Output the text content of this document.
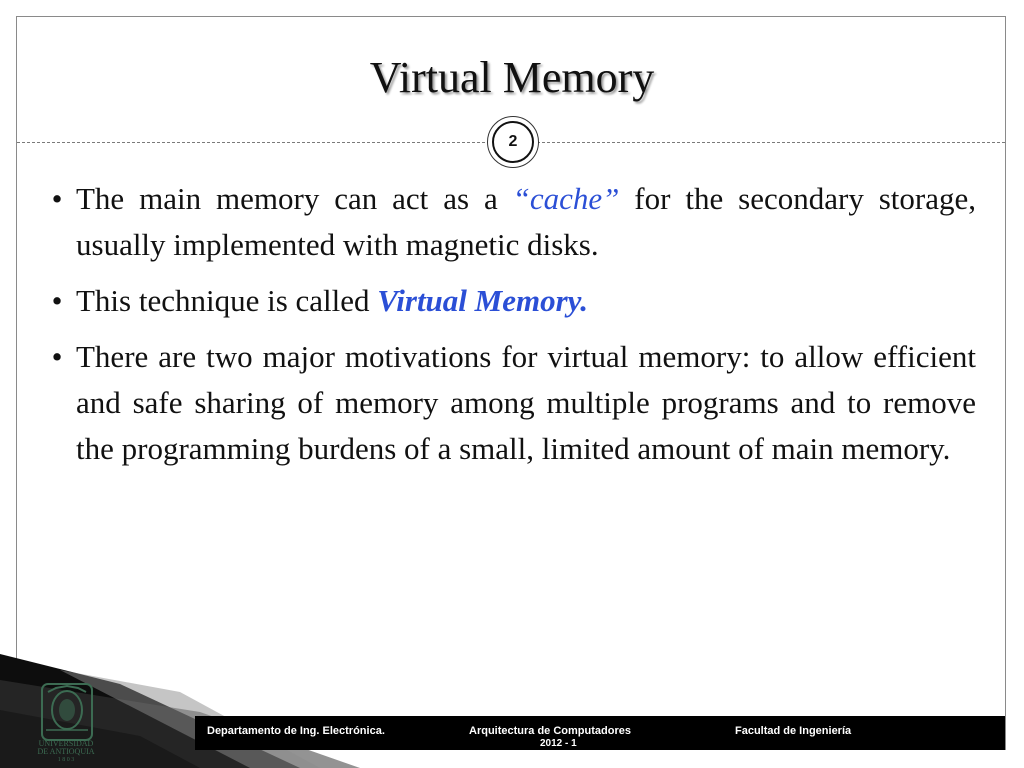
Virtual Memory
2
• The main memory can act as a “cache” for the secondary storage, usually implemented with magnetic disks.
• This technique is called Virtual Memory.
• There are two major motivations for virtual memory: to allow efficient and safe sharing of memory among multiple programs and to remove the programming burdens of a small, limited amount of main memory.
Departamento de Ing. Electrónica.	Arquitectura de Computadores
2012 - 1
Facultad de Ingeniería
UNIVERSIDAD
DE ANTIOQUIA
1 8 0 3
